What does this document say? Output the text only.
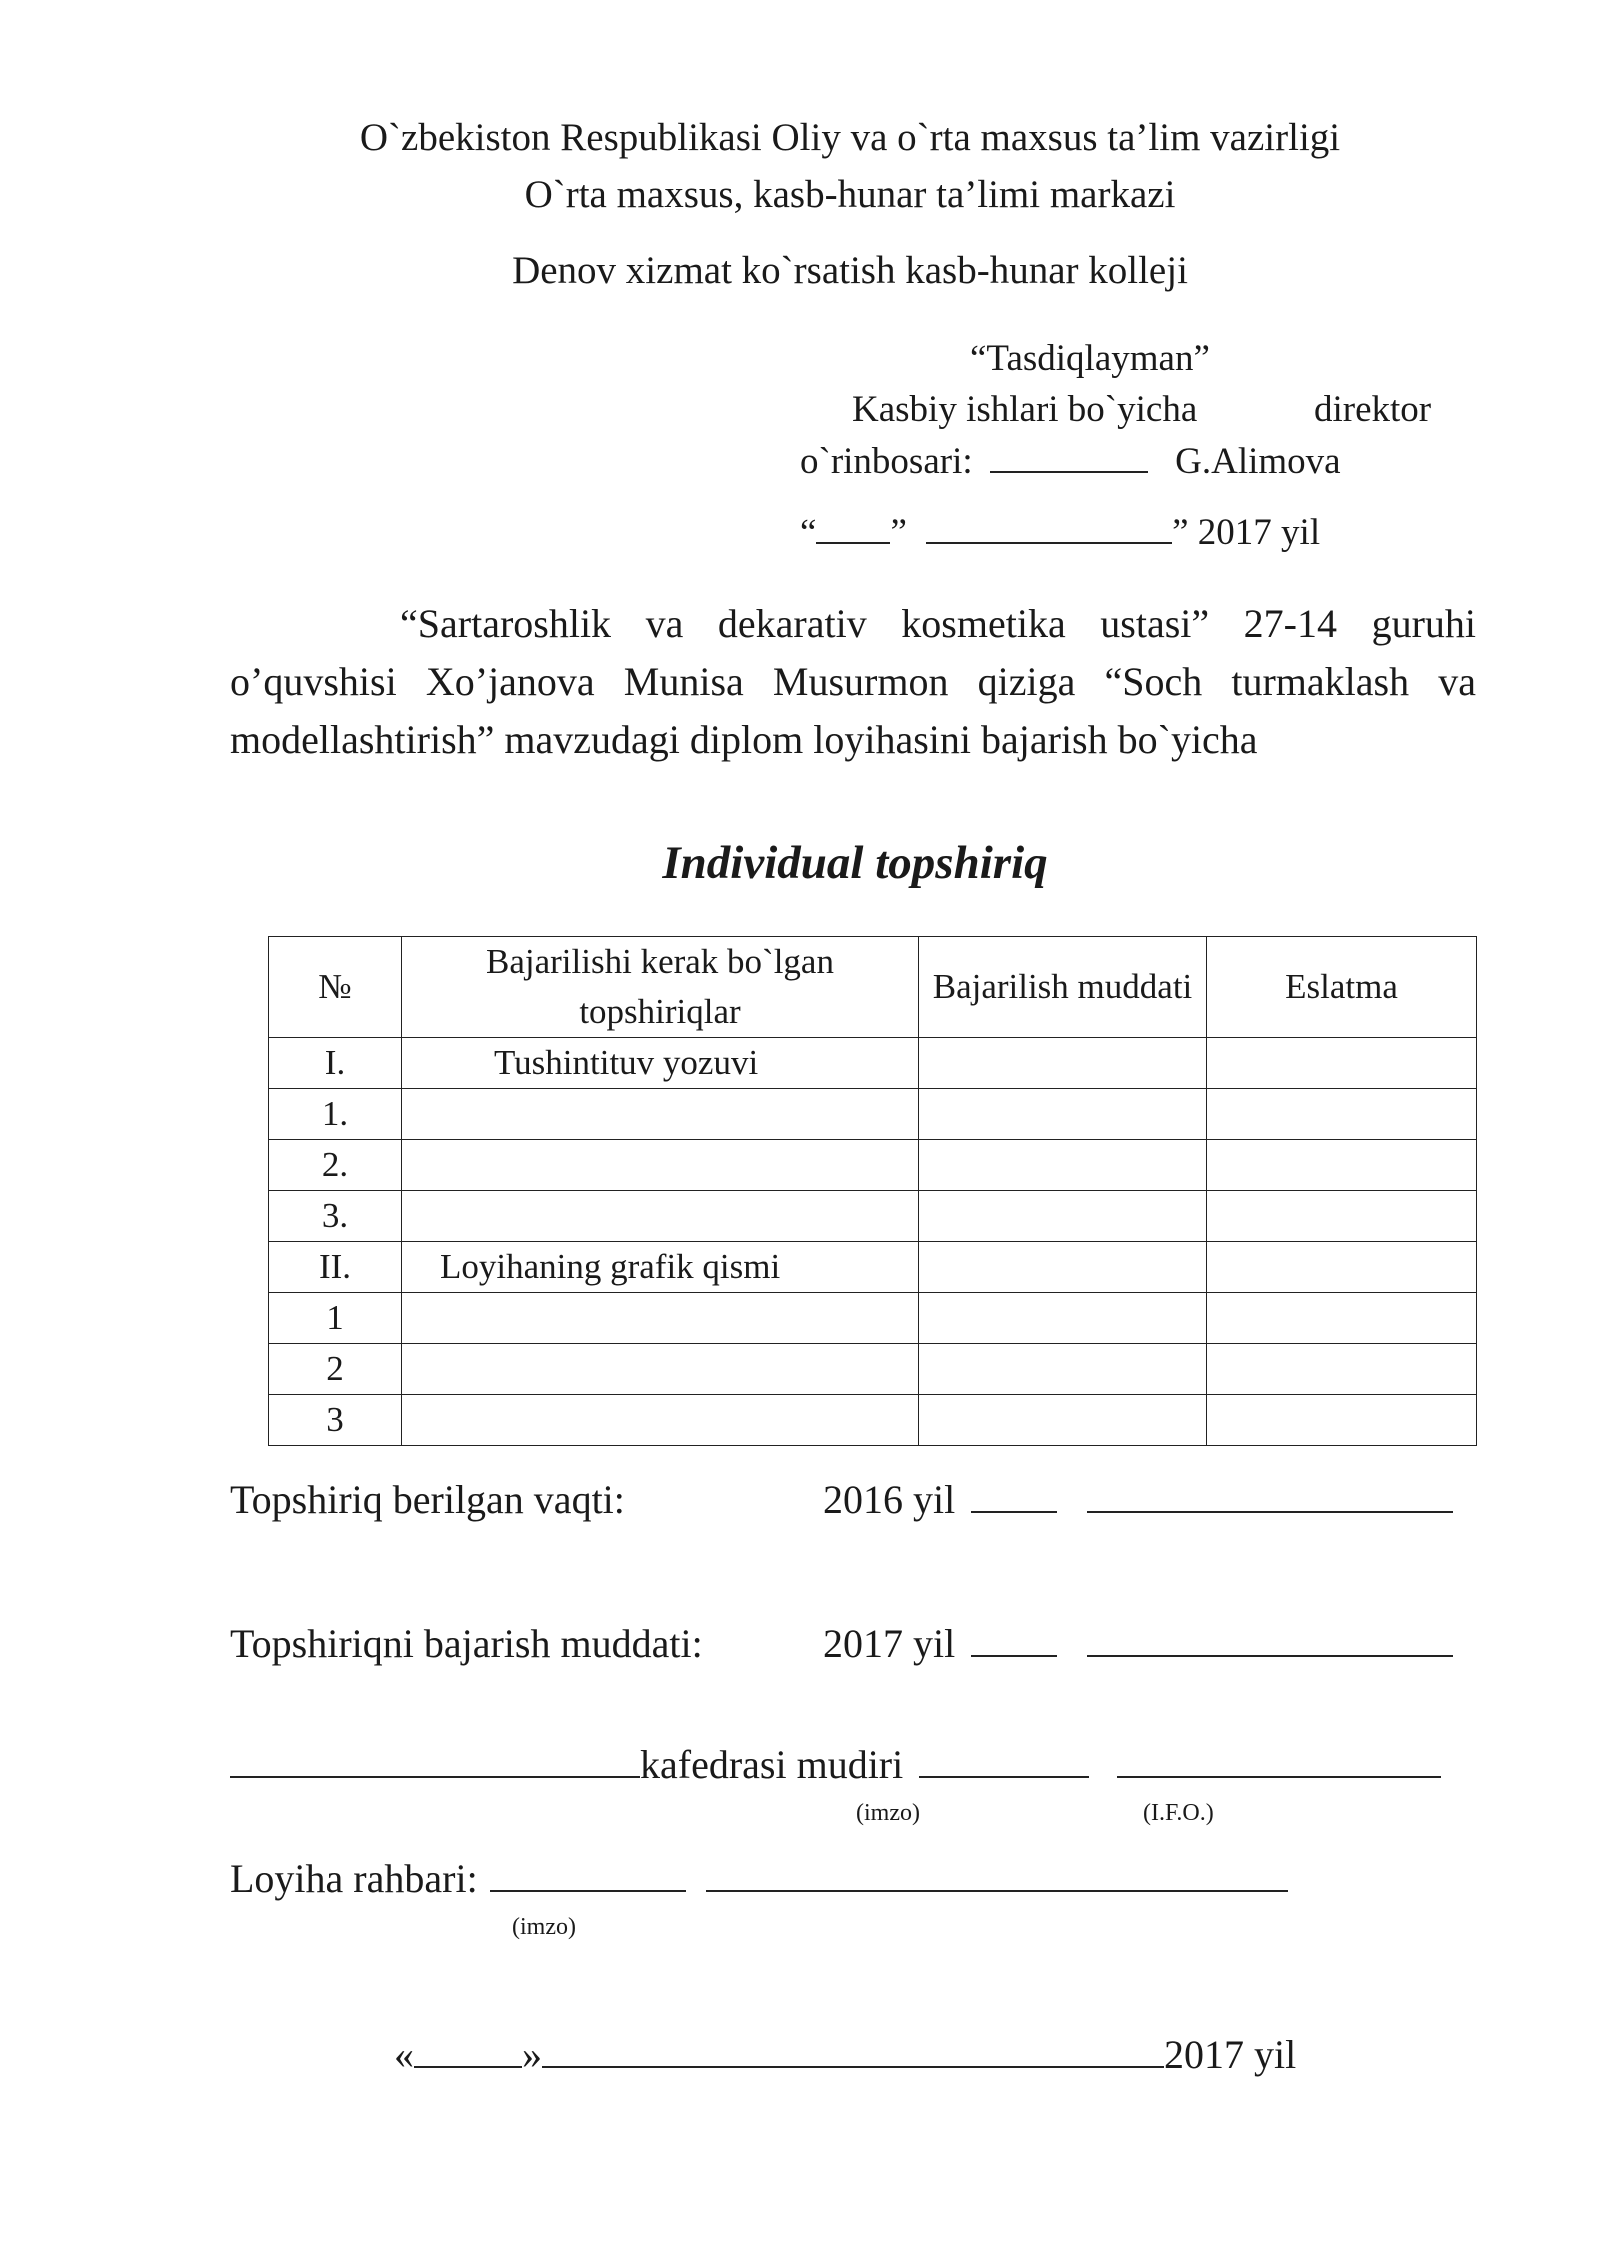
O`zbekiston Respublikasi Oliy va o`rta maxsus ta’lim vazirligi
O`rta maxsus, kasb-hunar ta’limi markazi
Denov xizmat ko`rsatish kasb-hunar kolleji
“Tasdiqlayman”
Kasbiy ishlari bo`yicha	direktor
o`rinbosari:	G.Alimova
“ ”	” 2017 yil

“Sartaroshlik va dekarativ kosmetika ustasi” 27-14 guruhi o’quvshisi Xo’janova Munisa Musurmon qiziga “Soch turmaklash va modellashtirish” mavzudagi diplom loyihasini bajarish bo`yicha

Individual topshiriq
№	Bajarilishi kerak bo`lgan topshiriqlar	Bajarilish muddati	Eslatma
I.	Tushintituv yozuvi		
1.			
2.			
3.			
II.	Loyihaning grafik qismi		
1			
2			
3			
Topshiriq berilgan vaqti:	2016 yil
Topshiriqni bajarish muddati:	2017 yil
kafedrasi mudiri
(imzo)	(I.F.O.)
Loyiha rahbari:
(imzo)
«	»	2017 yil
